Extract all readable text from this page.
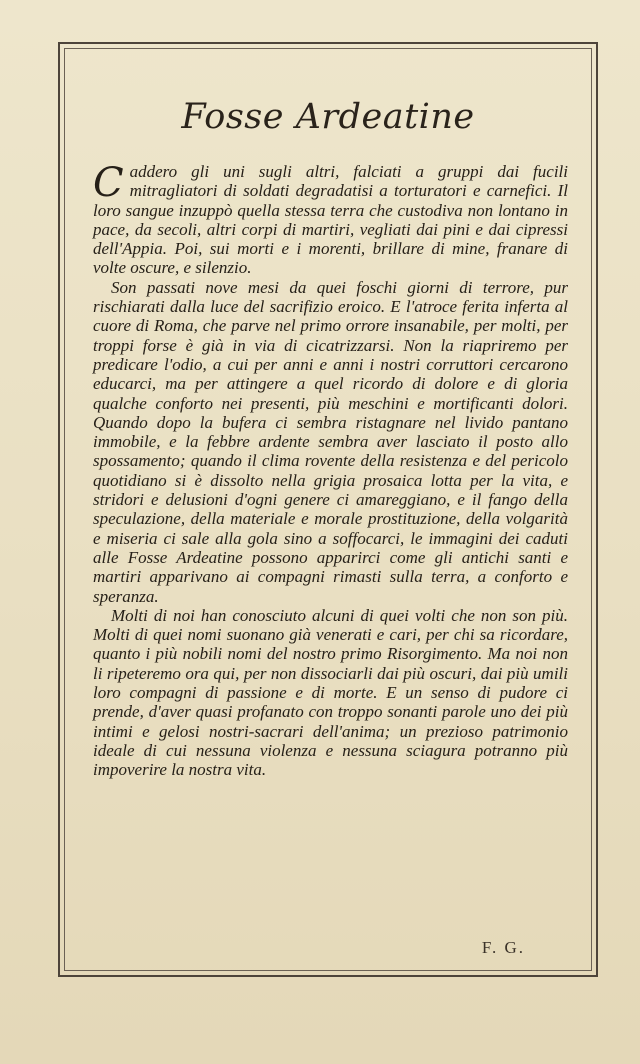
Fosse Ardeatine

Caddero gli uni sugli altri, falciati a gruppi dai fucili mitragliatori di soldati degradatisi a torturatori e carnefici. Il loro sangue inzuppò quella stessa terra che custodiva non lontano in pace, da secoli, altri corpi di martiri, vegliati dai pini e dai cipressi dell'Appia. Poi, sui morti e i morenti, brillare di mine, franare di volte oscure, e silenzio.

Son passati nove mesi da quei foschi giorni di terrore, pur rischiarati dalla luce del sacrifizio eroico. E l'atroce ferita inferta al cuore di Roma, che parve nel primo orrore insanabile, per molti, per troppi forse è già in via di cicatrizzarsi. Non la riapriremo per predicare l'odio, a cui per anni e anni i nostri corruttori cercarono educarci, ma per attingere a quel ricordo di dolore e di gloria qualche conforto nei presenti, più meschini e mortificanti dolori. Quando dopo la bufera ci sembra ristagnare nel livido pantano immobile, e la febbre ardente sembra aver lasciato il posto allo spossamento; quando il clima rovente della resistenza e del pericolo quotidiano si è dissolto nella grigia prosaica lotta per la vita, e stridori e delusioni d'ogni genere ci amareggiano, e il fango della speculazione, della materiale e morale prostituzione, della volgarità e miseria ci sale alla gola sino a soffocarci, le immagini dei caduti alle Fosse Ardeatine possono apparirci come gli antichi santi e martiri apparivano ai compagni rimasti sulla terra, a conforto e speranza.

Molti di noi han conosciuto alcuni di quei volti che non son più. Molti di quei nomi suonano già venerati e cari, per chi sa ricordare, quanto i più nobili nomi del nostro primo Risorgimento. Ma noi non li ripeteremo ora qui, per non dissociarli dai più oscuri, dai più umili loro compagni di passione e di morte. E un senso di pudore ci prende, d'aver quasi profanato con troppo sonanti parole uno dei più intimi e gelosi nostri-sacrari dell'anima; un prezioso patrimonio ideale di cui nessuna violenza e nessuna sciagura potranno più impoverire la nostra vita.

F. G.
